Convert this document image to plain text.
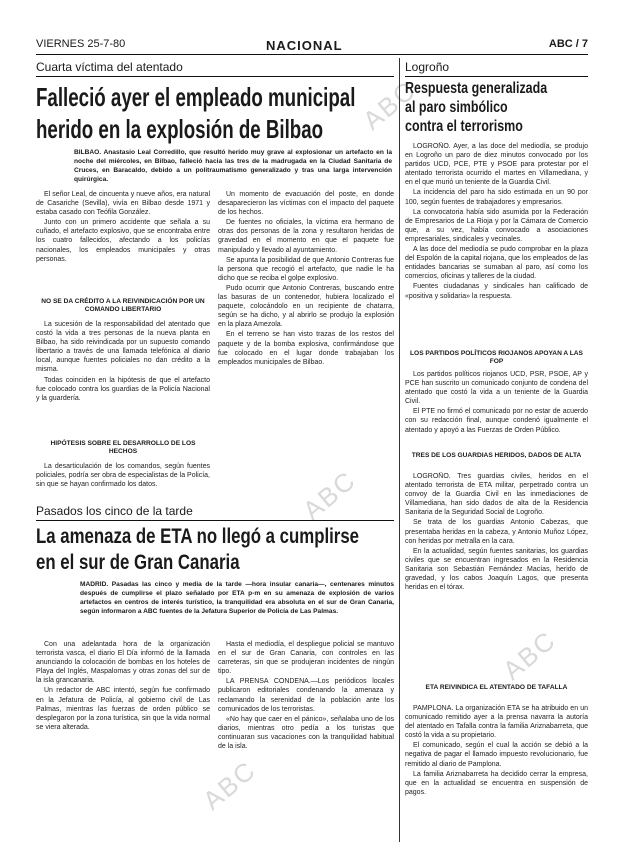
ABC
ABC
ABC
ABC
VIERNES 25-7-80	NACIONAL	ABC / 7
Cuarta víctima del atentado
Falleció ayer el empleado municipal
herido en la explosión de Bilbao
BILBAO. Anastasio Leal Corredillo, que resultó herido muy grave al explosionar un artefacto en la noche del miércoles, en Bilbao, falleció hacia las tres de la madrugada en la Ciudad Sanitaria de Cruces, en Baracaldo, debido a un politraumatismo generalizado y tras una larga intervención quirúrgica.

El señor Leal, de cincuenta y nueve años, era natural de Casariche (Sevilla), vivía en Bilbao desde 1971 y estaba casado con Teófila González.

Junto con un primero accidente que señala a su cuñado, el artefacto explosivo, que se encontraba entre los cuatro fallecidos, afectando a los policías nacionales, los empleados municipales y otras personas.

NO SE DA CRÉDITO A LA REIVINDICACIÓN POR UN COMANDO LIBERTARIO

La sucesión de la responsabilidad del atentado que costó la vida a tres personas de la nueva planta en Bilbao, ha sido reivindicada por un supuesto comando libertario a través de una llamada telefónica al diario local, aunque fuentes policiales no dan crédito a la misma.

Todas coinciden en la hipótesis de que el artefacto fue colocado contra los guardias de la Policía Nacional y la guardería.

HIPÓTESIS SOBRE EL DESARROLLO DE LOS HECHOS

La desarticulación de los comandos, según fuentes policiales, podría ser obra de especialistas de la Policía, sin que se hayan confirmado los datos.

Un momento de evacuación del poste, en donde desaparecieron las víctimas con el impacto del paquete de los hechos.

De fuentes no oficiales, la víctima era hermano de otras dos personas de la zona y resultaron heridas de gravedad en el momento en que el paquete fue manipulado y llevado al ayuntamiento.

Se apunta la posibilidad de que Antonio Contreras fue la persona que recogió el artefacto, que nadie le ha dicho que se reciba el golpe explosivo.

Pudo ocurrir que Antonio Contreras, buscando entre las basuras de un contenedor, hubiera localizado el paquete, colocándolo en un recipiente de chatarra, según se ha dicho, y al abrirlo se produjo la explosión en la plaza Amezola.

En el terreno se han visto trazas de los restos del paquete y de la bomba explosiva, confirmándose que fue colocado en el lugar donde trabajaban los empleados municipales de Bilbao.

Pasados los cinco de la tarde
La amenaza de ETA no llegó a cumplirse
en el sur de Gran Canaria
MADRID. Pasadas las cinco y media de la tarde —hora insular canaria—, centenares minutos después de cumplirse el plazo señalado por ETA p-m en su amenaza de explosión de varios artefactos en centros de interés turístico, la tranquilidad era absoluta en el sur de Gran Canaria, según informaron a ABC fuentes de la Jefatura Superior de Policía de Las Palmas.

Con una adelantada hora de la organización terrorista vasca, el diario El Día informó de la llamada anunciando la colocación de bombas en los hoteles de Playa del Inglés, Maspalomas y otras zonas del sur de la isla grancanaria.

Un redactor de ABC intentó, según fue confirmado en la Jefatura de Policía, al gobierno civil de Las Palmas, mientras las fuerzas de orden público se desplegaron por la zona turística, sin que la vida normal se viera alterada.

Hasta el mediodía, el despliegue policial se mantuvo en el sur de Gran Canaria, con controles en las carreteras, sin que se produjeran incidentes de ningún tipo.

LA PRENSA CONDENA.—Los periódicos locales publicaron editoriales condenando la amenaza y reclamando la serenidad de la población ante los comunicados de los terroristas.

«No hay que caer en el pánico», señalaba uno de los diarios, mientras otro pedía a los turistas que continuaran sus vacaciones con la tranquilidad habitual de la isla.

Logroño
Respuesta generalizada
al paro simbólico
contra el terrorismo

LOGROÑO. Ayer, a las doce del mediodía, se produjo en Logroño un paro de diez minutos convocado por los partidos UCD, PCE, PTE y PSOE para protestar por el atentado terrorista ocurrido el martes en Villamediana, y en el que murió un teniente de la Guardia Civil.

La incidencia del paro ha sido estimada en un 90 por 100, según fuentes de trabajadores y empresarios.

La convocatoria había sido asumida por la Federación de Empresarios de La Rioja y por la Cámara de Comercio que, a su vez, había convocado a asociaciones empresariales, sindicales y vecinales.

A las doce del mediodía se pudo comprobar en la plaza del Espolón de la capital riojana, que los empleados de las entidades bancarias se sumaban al paro, así como los comercios, oficinas y talleres de la ciudad.

Fuentes ciudadanas y sindicales han calificado de «positiva y solidaria» la respuesta.

LOS PARTIDOS POLÍTICOS RIOJANOS APOYAN A LAS FOP

Los partidos políticos riojanos UCD, PSR, PSOE, AP y PCE han suscrito un comunicado conjunto de condena del atentado que costó la vida a un teniente de la Guardia Civil.

El PTE no firmó el comunicado por no estar de acuerdo con su redacción final, aunque condenó igualmente el atentado y apoyó a las Fuerzas de Orden Público.

TRES DE LOS GUARDIAS HERIDOS, DADOS DE ALTA

LOGROÑO. Tres guardias civiles, heridos en el atentado terrorista de ETA militar, perpetrado contra un convoy de la Guardia Civil en las inmediaciones de Villamediana, han sido dados de alta de la Residencia Sanitaria de la Seguridad Social de Logroño.

Se trata de los guardias Antonio Cabezas, que presentaba heridas en la cabeza, y Antonio Muñoz López, con heridas por metralla en la cara.

En la actualidad, según fuentes sanitarias, los guardias civiles que se encuentran ingresados en la Residencia Sanitaria son Sebastián Fernández Macías, herido de gravedad, y los cabos Joaquín Lagos, que presenta heridas en el tórax.

ETA REIVINDICA EL ATENTADO DE TAFALLA

PAMPLONA. La organización ETA se ha atribuido en un comunicado remitido ayer a la prensa navarra la autoría del atentado en Tafalla contra la familia Ariznabarreta, que costó la vida a su propietario.

El comunicado, según el cual la acción se debió a la negativa de pagar el llamado impuesto revolucionario, fue remitido al diario de Pamplona.

La familia Ariznabarreta ha decidido cerrar la empresa, que en la actualidad se encuentra en suspensión de pagos.
